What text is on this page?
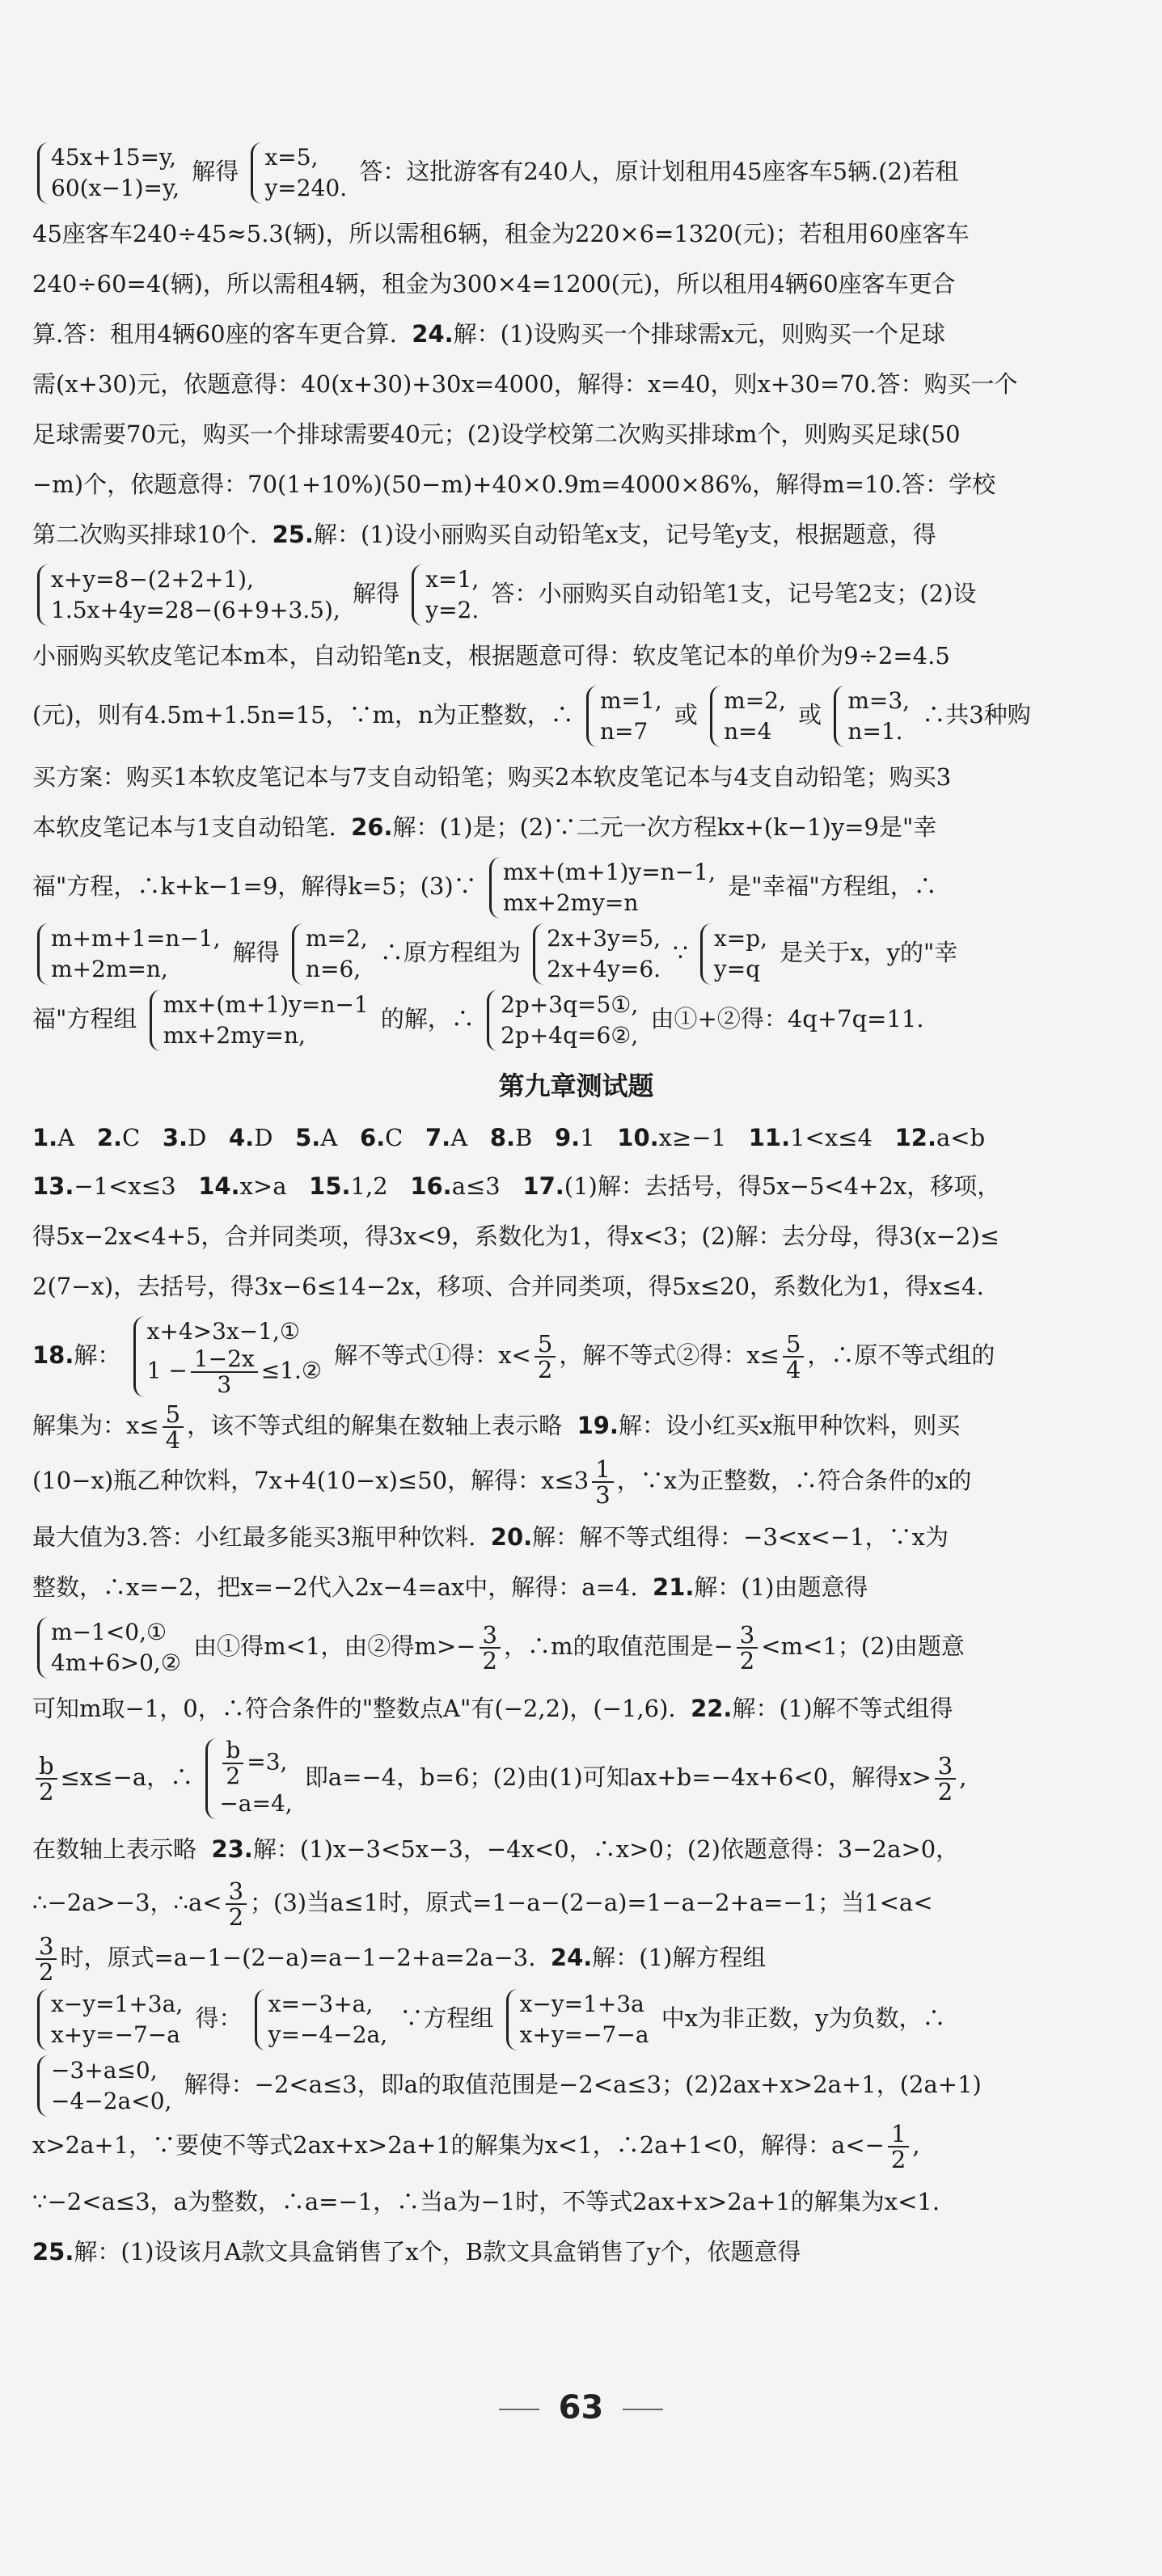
45x+15=y,
60(x−1)=y,
解得
x=5,
y=240.
答：这批游客有240人，原计划租用45座客车5辆.(2)若租
45座客车240÷45≈5.3(辆)，所以需租6辆，租金为220×6=1320(元)；若租用60座客车
240÷60=4(辆)，所以需租4辆，租金为300×4=1200(元)，所以租用4辆60座客车更合
算.答：租用4辆60座的客车更合算. 24.解：(1)设购买一个排球需x元，则购买一个足球
需(x+30)元，依题意得：40(x+30)+30x=4000，解得：x=40，则x+30=70.答：购买一个
足球需要70元，购买一个排球需要40元；(2)设学校第二次购买排球m个，则购买足球(50
−m)个，依题意得：70(1+10%)(50−m)+40×0.9m=4000×86%，解得m=10.答：学校
第二次购买排球10个. 25.解：(1)设小丽购买自动铅笔x支，记号笔y支，根据题意，得
x+y=8−(2+2+1),
1.5x+4y=28−(6+9+3.5),
解得
x=1,
y=2.
答：小丽购买自动铅笔1支，记号笔2支；(2)设
小丽购买软皮笔记本m本，自动铅笔n支，根据题意可得：软皮笔记本的单价为9÷2=4.5
(元)，则有4.5m+1.5n=15，∵m，n为正整数，∴
m=1,
n=7
或
m=2,
n=4
或
m=3,
n=1.
∴共3种购
买方案：购买1本软皮笔记本与7支自动铅笔；购买2本软皮笔记本与4支自动铅笔；购买3
本软皮笔记本与1支自动铅笔. 26.解：(1)是；(2)∵二元一次方程kx+(k−1)y=9是"幸
福"方程，∴k+k−1=9，解得k=5；(3)∵
mx+(m+1)y=n−1,
mx+2my=n
是"幸福"方程组，∴
m+m+1=n−1,
m+2m=n,
解得
m=2,
n=6,
∴原方程组为
2x+3y=5,
2x+4y=6.
∵
x=p,
y=q
是关于x，y的"幸
福"方程组
mx+(m+1)y=n−1
mx+2my=n,
的解，∴
2p+3q=5①,
2p+4q=6②,
由①+②得：4q+7q=11.
第九章测试题
1.A 2.C 3.D 4.D 5.A 6.C 7.A 8.B 9.1 10.x≥−1 11.1<x≤4 12.a<b
13.−1<x≤3 14.x>a 15.1,2 16.a≤3 17.(1)解：去括号，得5x−5<4+2x，移项，
得5x−2x<4+5，合并同类项，得3x<9，系数化为1，得x<3；(2)解：去分母，得3(x−2)≤
2(7−x)，去括号，得3x−6≤14−2x，移项、合并同类项，得5x≤20，系数化为1，得x≤4.
18.解：
x+4>3x−1,①
$1 - \frac{1-2x}{3}$ ≤1.②
解不等式①得：$x< \frac{5}{2}$ ，解不等式②得：$x\le \frac{5}{4}$ ，∴原不等式组的
解集为：$x\le \frac{5}{4}$ ，该不等式组的解集在数轴上表示略 19.解：设小红买x瓶甲种饮料，则买
(10−x)瓶乙种饮料，7x+4(10−x)≤50，解得：$x\le 3 \frac{1}{3}$ ，∵x为正整数，∴符合条件的x的
最大值为3.答：小红最多能买3瓶甲种饮料. 20.解：解不等式组得：−3<x<−1，∵x为
整数，∴x=−2，把x=−2代入2x−4=ax中，解得：a=4. 21.解：(1)由题意得
m−1<0,①
4m+6>0,②
由①得m<1，由②得$m>- \frac{3}{2}$ ，∴m的取值范围是− $\frac{3}{2} <m<1$；(2)由题意
可知m取−1，0，∴符合条件的"整数点A"有(−2,2)，(−1,6). 22.解：(1)解不等式组得
$\frac{b}{2} \le x\le-a$，∴ $\frac{b}{2} =3$,
−a=4,
即a=−4，b=6；(2)由(1)可知ax+b=−4x+6<0，解得$x> \frac{3}{2}$ ,
在数轴上表示略 23.解：(1)x−3<5x−3，−4x<0，∴x>0；(2)依题意得：3−2a>0，
∴−2a>−3，∴a< $\frac{3}{2}$ ；(3)当a≤1时，原式=1−a−(2−a)=1−a−2+a=−1；当1<a<
$\frac{3}{2}$ 时，原式=a−1−(2−a)=a−1−2+a=2a−3. 24.解：(1)解方程组
x−y=1+3a,
x+y=−7−a
得：
x=−3+a,
y=−4−2a,
∵方程组
x−y=1+3a
x+y=−7−a
中x为非正数，y为负数，∴
−3+a≤0,
−4−2a<0,
解得：−2<a≤3，即a的取值范围是−2<a≤3；(2)2ax+x>2a+1，(2a+1)
x>2a+1，∵要使不等式2ax+x>2a+1的解集为x<1，∴2a+1<0，解得：$a<- \frac{1}{2}$ ,
∵−2<a≤3，a为整数，∴a=−1，∴当a为−1时，不等式2ax+x>2a+1的解集为x<1.
25.解：(1)设该月A款文具盒销售了x个，B款文具盒销售了y个，依题意得
63
